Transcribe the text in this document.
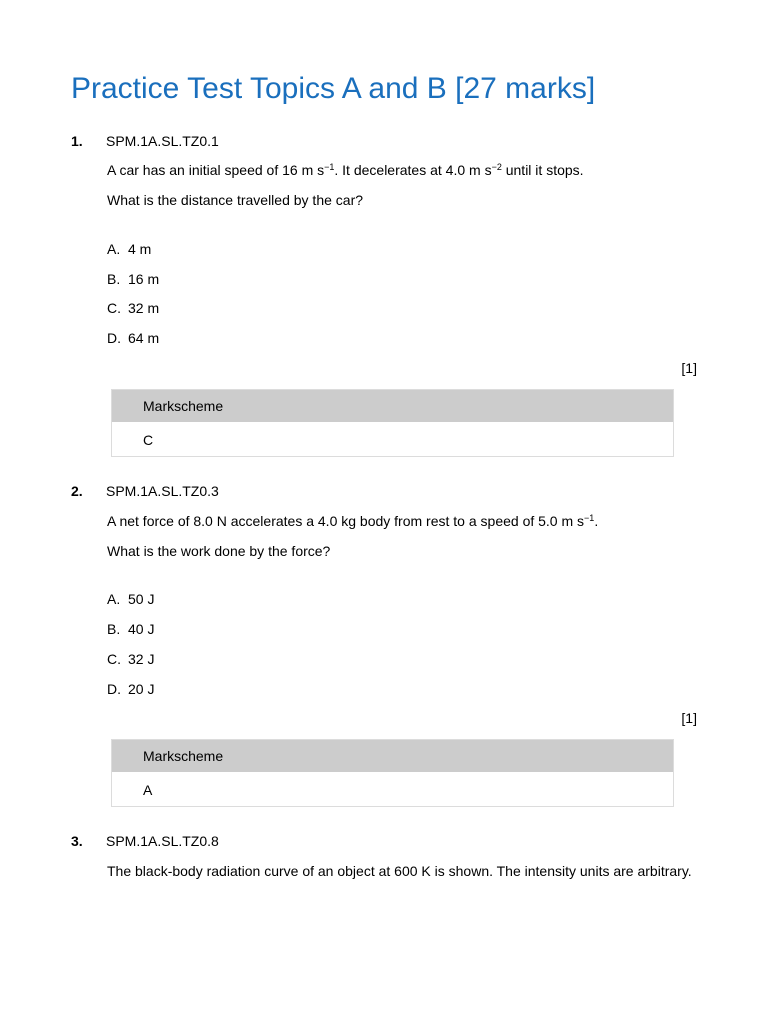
Practice Test Topics A and B [27 marks]
1. SPM.1A.SL.TZ0.1
A car has an initial speed of 16 m $s^{-1}$. It decelerates at 4.0 m $s^{-2}$ until it stops.
What is the distance travelled by the car?
A. 4 m
B. 16 m
C. 32 m
D. 64 m
[1]
Markscheme
C
2. SPM.1A.SL.TZ0.3
A net force of 8.0 N accelerates a 4.0 kg body from rest to a speed of 5.0 m $s^{-1}$.
What is the work done by the force?
A. 50 J
B. 40 J
C. 32 J
D. 20 J
[1]
Markscheme
A
3. SPM.1A.SL.TZ0.8
The black-body radiation curve of an object at 600 K is shown. The intensity units are arbitrary.
